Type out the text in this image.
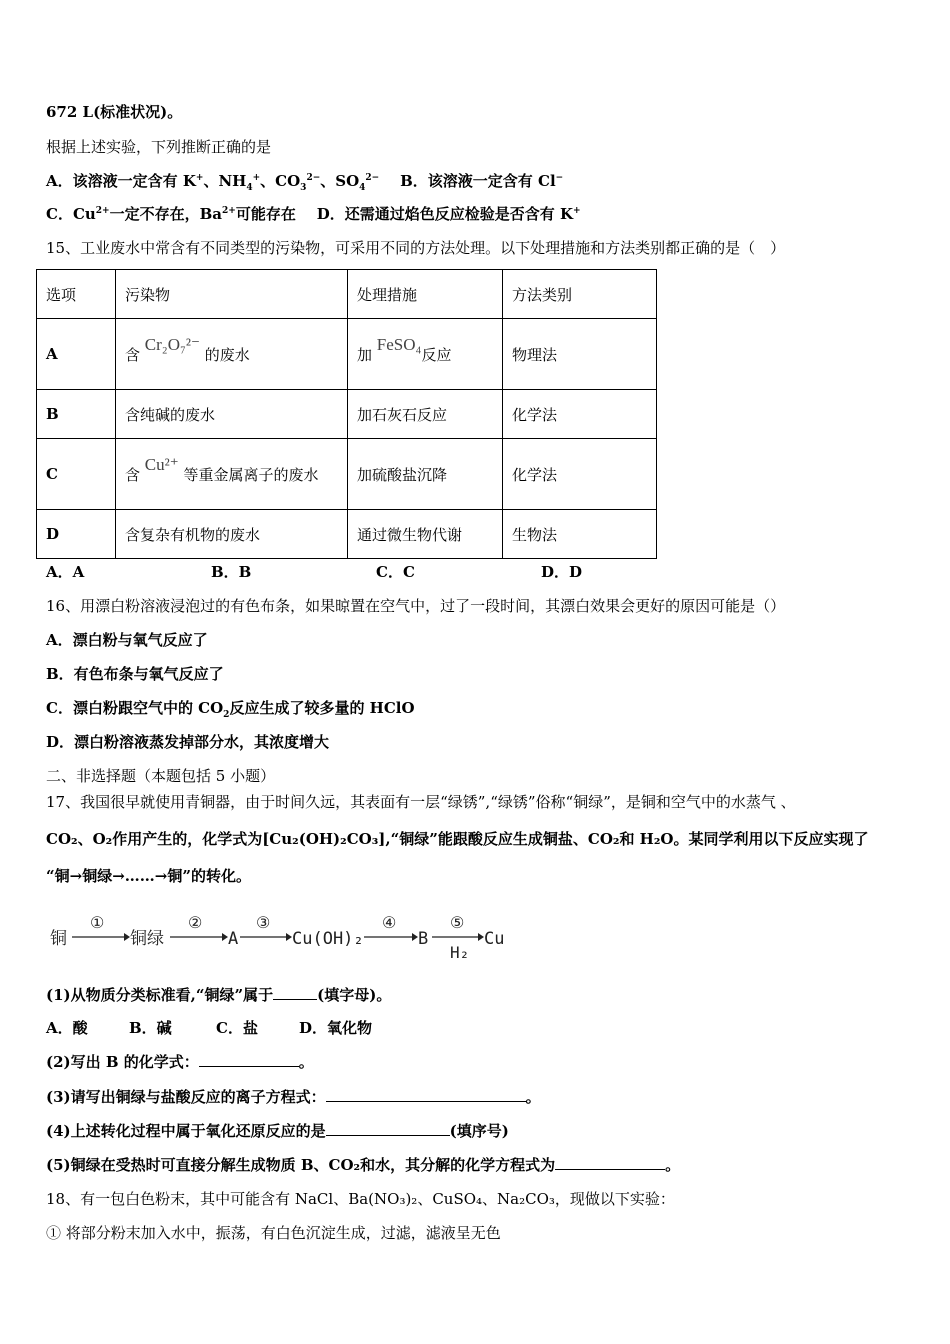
672 L(标准状况)。
根据上述实验，下列推断正确的是
A．该溶液一定含有 K+、$NH_4^+$、$CO_3^{2-}$、$SO_4^{2-}$ B．该溶液一定含有 Cl−
C．$Cu^{2+}$一定不存在，$Ba^{2+}$可能存在 D．还需通过焰色反应检验是否含有 K+
15、工业废水中常含有不同类型的污染物，可采用不同的方法处理。以下处理措施和方法类别都正确的是（　）
选项	污染物	处理措施	方法类别
A	含 Cr₂O₇²⁻ 的废水	加 FeSO₄反应	物理法
B	含纯碱的废水	加石灰石反应	化学法
C	含 Cu²⁺ 等重金属离子的废水	加硫酸盐沉降	化学法
D	含复杂有机物的废水	通过微生物代谢	生物法
A．A	B．B	C．C	D．D
16、用漂白粉溶液浸泡过的有色布条，如果晾置在空气中，过了一段时间，其漂白效果会更好的原因可能是（）
A．漂白粉与氧气反应了
B．有色布条与氧气反应了
C．漂白粉跟空气中的 $CO_2$反应生成了较多量的 HClO
D．漂白粉溶液蒸发掉部分水，其浓度增大
二、非选择题（本题包括 5 小题）
17、我国很早就使用青铜器，由于时间久远，其表面有一层“绿锈”,“绿锈”俗称“铜绿”，是铜和空气中的水蒸气 、
CO₂、O₂作用产生的，化学式为[Cu₂(OH)₂CO₃],“铜绿”能跟酸反应生成铜盐、CO₂和 H₂O。某同学利用以下反应实现了
“铜→铜绿→……→铜”的转化。
铜	铜绿	A	Cu(OH)₂	B	Cu
①	②	③	④	⑤
H₂
(1)从物质分类标准看,“铜绿”属于	(填字母)。
A．酸	B．碱	C．盐	D．氧化物
(2)写出 B 的化学式：	。
(3)请写出铜绿与盐酸反应的离子方程式：	。
(4)上述转化过程中属于氧化还原反应的是	(填序号)
(5)铜绿在受热时可直接分解生成物质 B、CO₂和水，其分解的化学方程式为	。
18、有一包白色粉末，其中可能含有 NaCl、Ba(NO₃)₂、CuSO₄、Na₂CO₃，现做以下实验：
① 将部分粉末加入水中，振荡，有白色沉淀生成，过滤，滤液呈无色
